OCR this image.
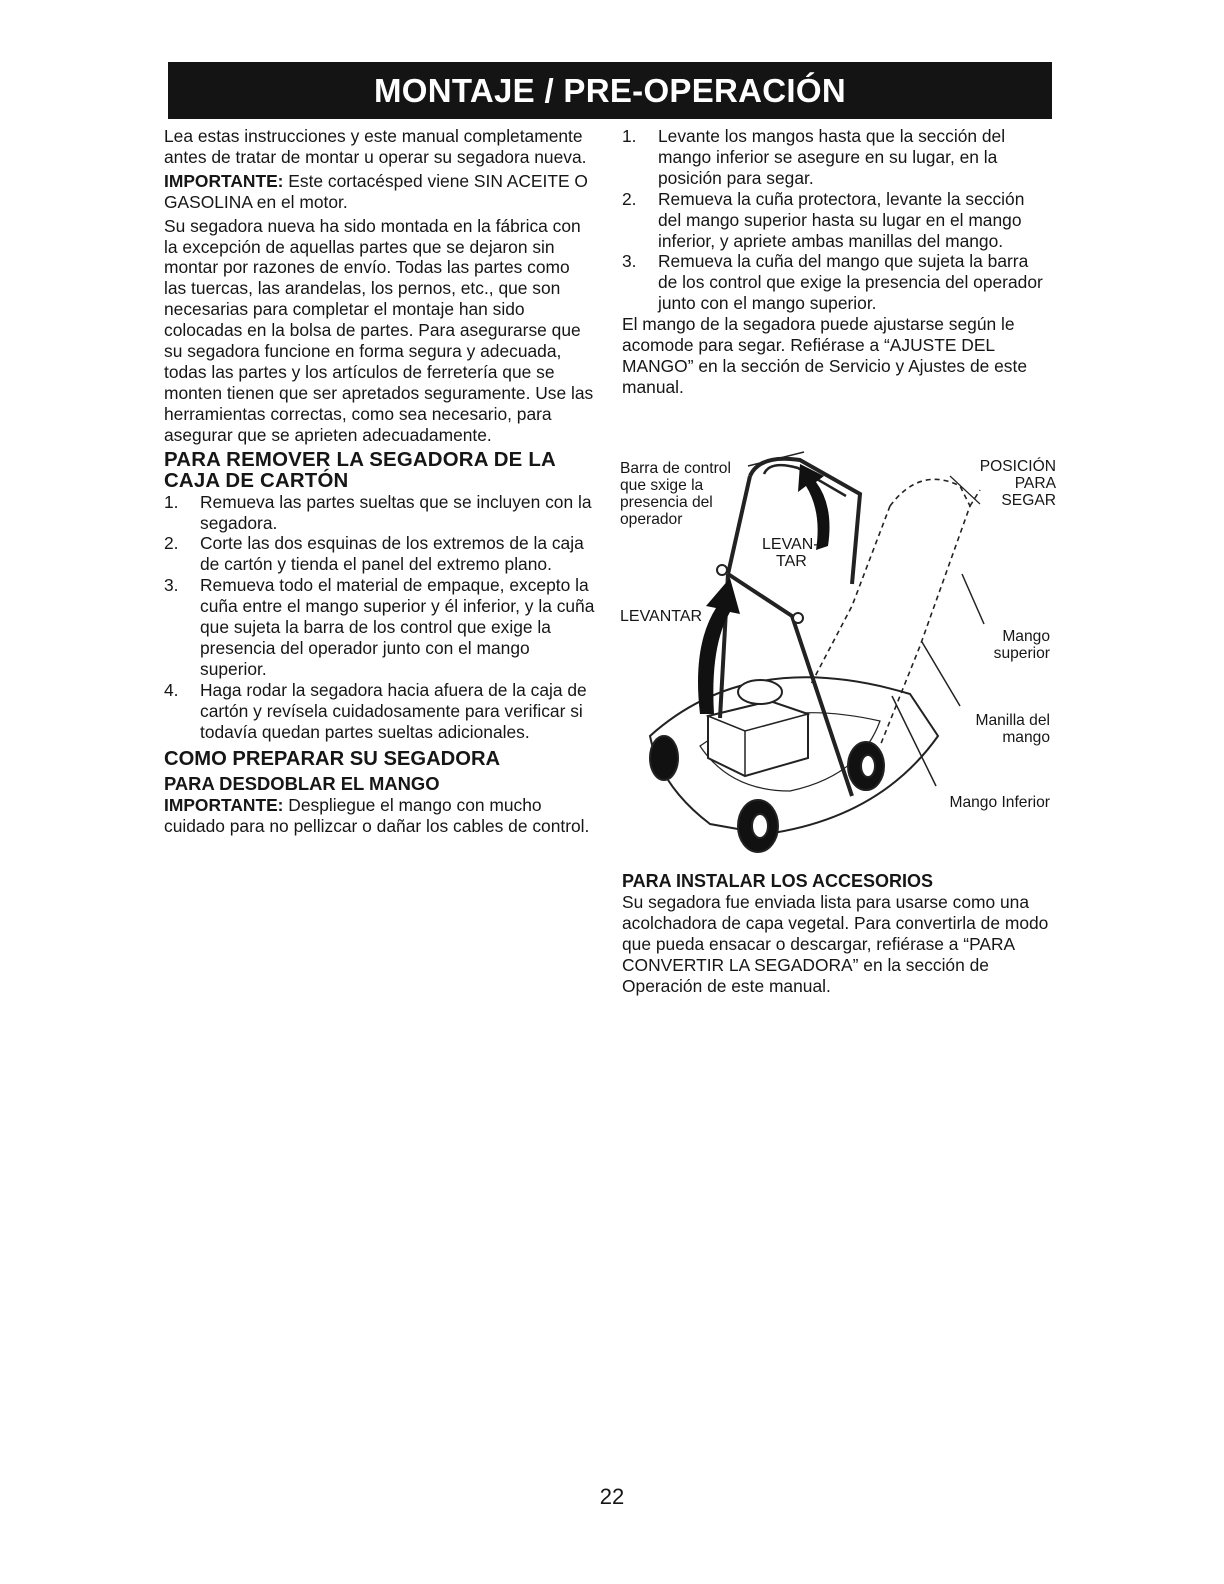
MONTAJE / PRE-OPERACIÓN

Lea estas instrucciones y este manual completamente antes de tratar de montar u operar su segadora nueva.

IMPORTANTE: Este cortacésped viene SIN ACEITE O GASOLINA en el motor.

Su segadora nueva ha sido montada en la fábrica con la excepción de aquellas partes que se dejaron sin montar por razones de envío. Todas las partes como las tuercas, las arandelas, los pernos, etc., que son necesarias para completar el montaje han sido colocadas en la bolsa de partes. Para asegurarse que su segadora funcione en forma segura y adecuada, todas las partes y los artículos de ferretería que se monten tienen que ser apretados seguramente. Use las herramientas correctas, como sea necesario, para asegurar que se aprieten adecuadamente.

PARA REMOVER LA SEGADORA DE LA CAJA DE CARTÓN
1. Remueva las partes sueltas que se incluyen con la segadora.
2. Corte las dos esquinas de los extremos de la caja de cartón y tienda el panel del extremo plano.
3. Remueva todo el material de empaque, excepto la cuña entre el mango superior y él inferior, y la cuña que sujeta la barra de los control que exige la presencia del operador junto con el mango superior.
4. Haga rodar la segadora hacia afuera de la caja de cartón y revísela cuidadosamente para verificar si todavía quedan partes sueltas adicionales.
COMO PREPARAR SU SEGADORA
PARA DESDOBLAR EL MANGO

IMPORTANTE: Despliegue el mango con mucho cuidado para no pellizcar o dañar los cables de control.

1. Levante los mangos hasta que la sección del mango inferior se asegure en su lugar, en la posición para segar.
2. Remueva la cuña protectora, levante la sección del mango superior hasta su lugar en el mango inferior, y apriete ambas manillas del mango.
3. Remueva la cuña del mango que sujeta la barra de los control que exige la presencia del operador junto con el mango superior.

El mango de la segadora puede ajustarse según le acomode para segar. Refiérase a “AJUSTE DEL MANGO” en la sección de Servicio y Ajustes de este manual.

Barra de control
que sxige la
presencia del
operador
LEVAN-
TAR
LEVANTAR
POSICIÓN
PARA
SEGAR
Mango
superior
Manilla del
mango
Mango Inferior
PARA INSTALAR LOS ACCESORIOS

Su segadora fue enviada lista para usarse como una acolchadora de capa vegetal. Para convertirla de modo que pueda ensacar o descargar, refiérase a “PARA CONVERTIR LA SEGADORA” en la sección de Operación de este manual.

22
